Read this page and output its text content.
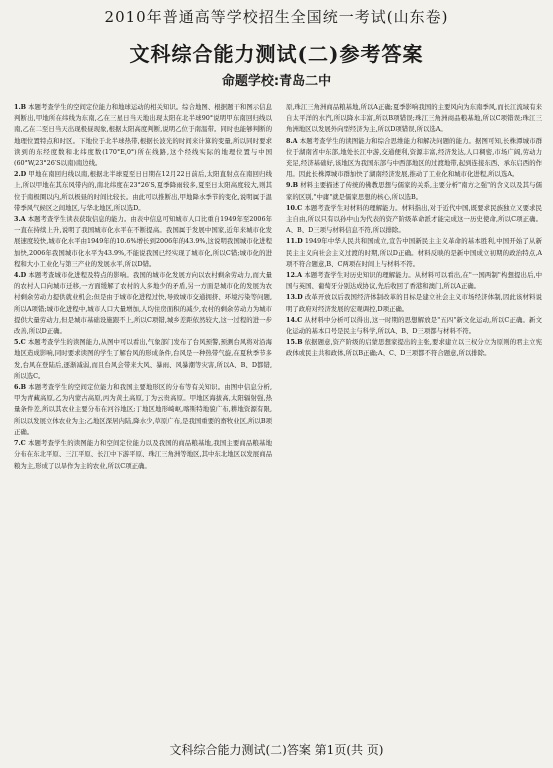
2010年普通高等学校招生全国统一考试(山东卷)
文科综合能力测试(二)参考答案
命题学校:青岛二中

1.B 本题考查学生的空间定位能力和地球运动的相关知识。综合地图、根据题干和图示信息判断出,甲地所在纬线为东南,乙在三星日当天地出现太阳在北半球90°说明甲东南回归线以南,乙在二至日当天出现极昼现象,根据太阳高度判断,说明乙位于南温带。同时也能够判断的地理位置特点和时区。下地位于北半球热带,根据长波光的时间来计算的变量,所以同时要求读到的东经度数和北纬度数(170°E,0°)所在线路,这个经线实际的地理位置与中国(60°W,23°26′S以南)南边线。

2.D 甲地在南回归线以南,根据北半球夏至日日期在12月22日前后,太阳直射点在南回归线上,所以甲地在其东风带内的,南北纬度在23°26′S,夏季降雨较多,夏至日太阳高度较大,则其位于南极圈以内,所以极昼的时间比较长。由此可以推断出,甲地降水季节的变化,说明属于温带季风气候区之间地区,与华北地区,所以选D。

3.A 本题考查学生读表获取信息的能力。由表中信息可知城市人口比重自1949年至2006年一直在持续上升,说明了我国城市化水平在不断提高。我国属于发展中国家,近年来城市化发展速度较快,城市化水平由1949年的10.6%增长到2006年的43.9%,这说明我国城市化进程加快,2006年我国城市化水平为43.9%,不能说我国已经实现了城市化,所以C错;城市化的进程和大小工业化与第三产业的发展水平,所以D错。

4.D 本题考查城市化进程及特点的影响。我国的城市化发展方向以农村剩余劳动力,而大量的农村人口向城市迁移,一方面缓解了农村的人多地少的矛盾,另一方面是城市化的发展为农村剩余劳动力提供就业机会;但是由于城市化进程过快,导致城市交通拥挤、环境污染等问题,所以A项错;城市化进程中,城市人口大量增加,人均住房面积的减少,农村的剩余劳动力为城市提供大量劳动力,但是城市基础设施跟不上,所以C项错,城乡差距依然较大,这一过程的进一步改善,所以D正确。

5.C 本题考查学生的读图能力,从图中可以看出,气象部门发布了台风预警,预测台风将对沿海地区造成影响,同时要求读图的学生了解台风的形成条件,台风是一种热带气旋,在夏秋季节多发,台风在登陆后,逐渐减弱,而且台风会带来大风、暴雨、风暴潮等灾害,所以A、B、D都错,所以选C。

6.B 本题考查学生的空间定位能力和我国主要地形区的分布等有关知识。由图中信息分析,甲为青藏高原,乙为内蒙古高原,丙为黄土高原,丁为云贵高原。甲地区海拔高,太阳辐射强,热量条件差,所以其农业主要分布在河谷地区;丁地区地形崎岖,喀斯特地貌广布,耕地资源有限,所以以发展立体农业为主;乙地区深居内陆,降水少,草原广布,是我国重要的畜牧业区,所以B项正确。

7.C 本题考查学生的读图能力和空间定位能力以及我国的商品粮基地,我国主要商品粮基地分布在东北平原、三江平原、长江中下游平原、珠江三角洲等地区,其中东北地区以发展商品粮为主,形成了以旱作为主的农业,所以C项正确。

原,珠江三角洲商品粮基地,所以A正确;夏季影响我国的主要风向为东南季风,而长江流域有来自太平洋的水汽,所以降水丰富,所以B项错误;珠江三角洲商品粮基地,所以C项错误;珠江三角洲地区以发展外向型经济为主,所以D项错误,所以选A。

8.A 本题考查学生的读图能力和综合思维能力和解决问题的能力。据图可知,长株潭城市群位于湖南省中东部,地处长江中游,交通便利,资源丰富,经济发达,人口稠密,市场广阔,劳动力充足,经济基础好,该地区为我国东部与中西部地区的过渡地带,起到连接东西、承东启西的作用。因此长株潭城市群加快了湖南经济发展,推动了工业化和城市化进程,所以选A。

9.B 材料主要描述了传统的佛教思想与儒家的关系,主要分析"南方之强"的含义以及其与儒家的区别,"中庸"就是儒家思想的核心,所以选B。

10.C 本题考查学生对材料的理解能力。材料指出,对于近代中国,既要求民族独立又要求民主自由,所以只有以孙中山为代表的资产阶级革命派才能完成这一历史使命,所以C项正确。A、B、D三项与材料信息不符,所以排除。

11.D 1949年中华人民共和国成立,宣告中国新民主主义革命的基本胜利,中国开始了从新民主主义向社会主义过渡的时期,所以D正确。材料反映的是新中国成立初期的政治特点,A项不符合题意,B、C两项在时间上与材料不符。

12.A 本题考查学生对历史知识的理解能力。从材料可以看出,在"一国两制"构想提出后,中国与英国、葡萄牙分别达成协议,先后收回了香港和澳门,所以A正确。

13.D 改革开放以后我国经济体制改革的目标是建立社会主义市场经济体制,因此该材料说明了政府对经济发展的宏观调控,D项正确。

14.C 从材料中分析可以得出,这一时期的思想解放是"五四"新文化运动,所以C正确。新文化运动的基本口号是民主与科学,所以A、B、D三项都与材料不符。

15.B 依据题意,资产阶级的启蒙思想家提出的主张,要求建立以三权分立为原则的君主立宪政体或民主共和政体,所以B正确;A、C、D三项都不符合题意,所以排除。

文科综合能力测试(二)答案 第1页(共 页)
